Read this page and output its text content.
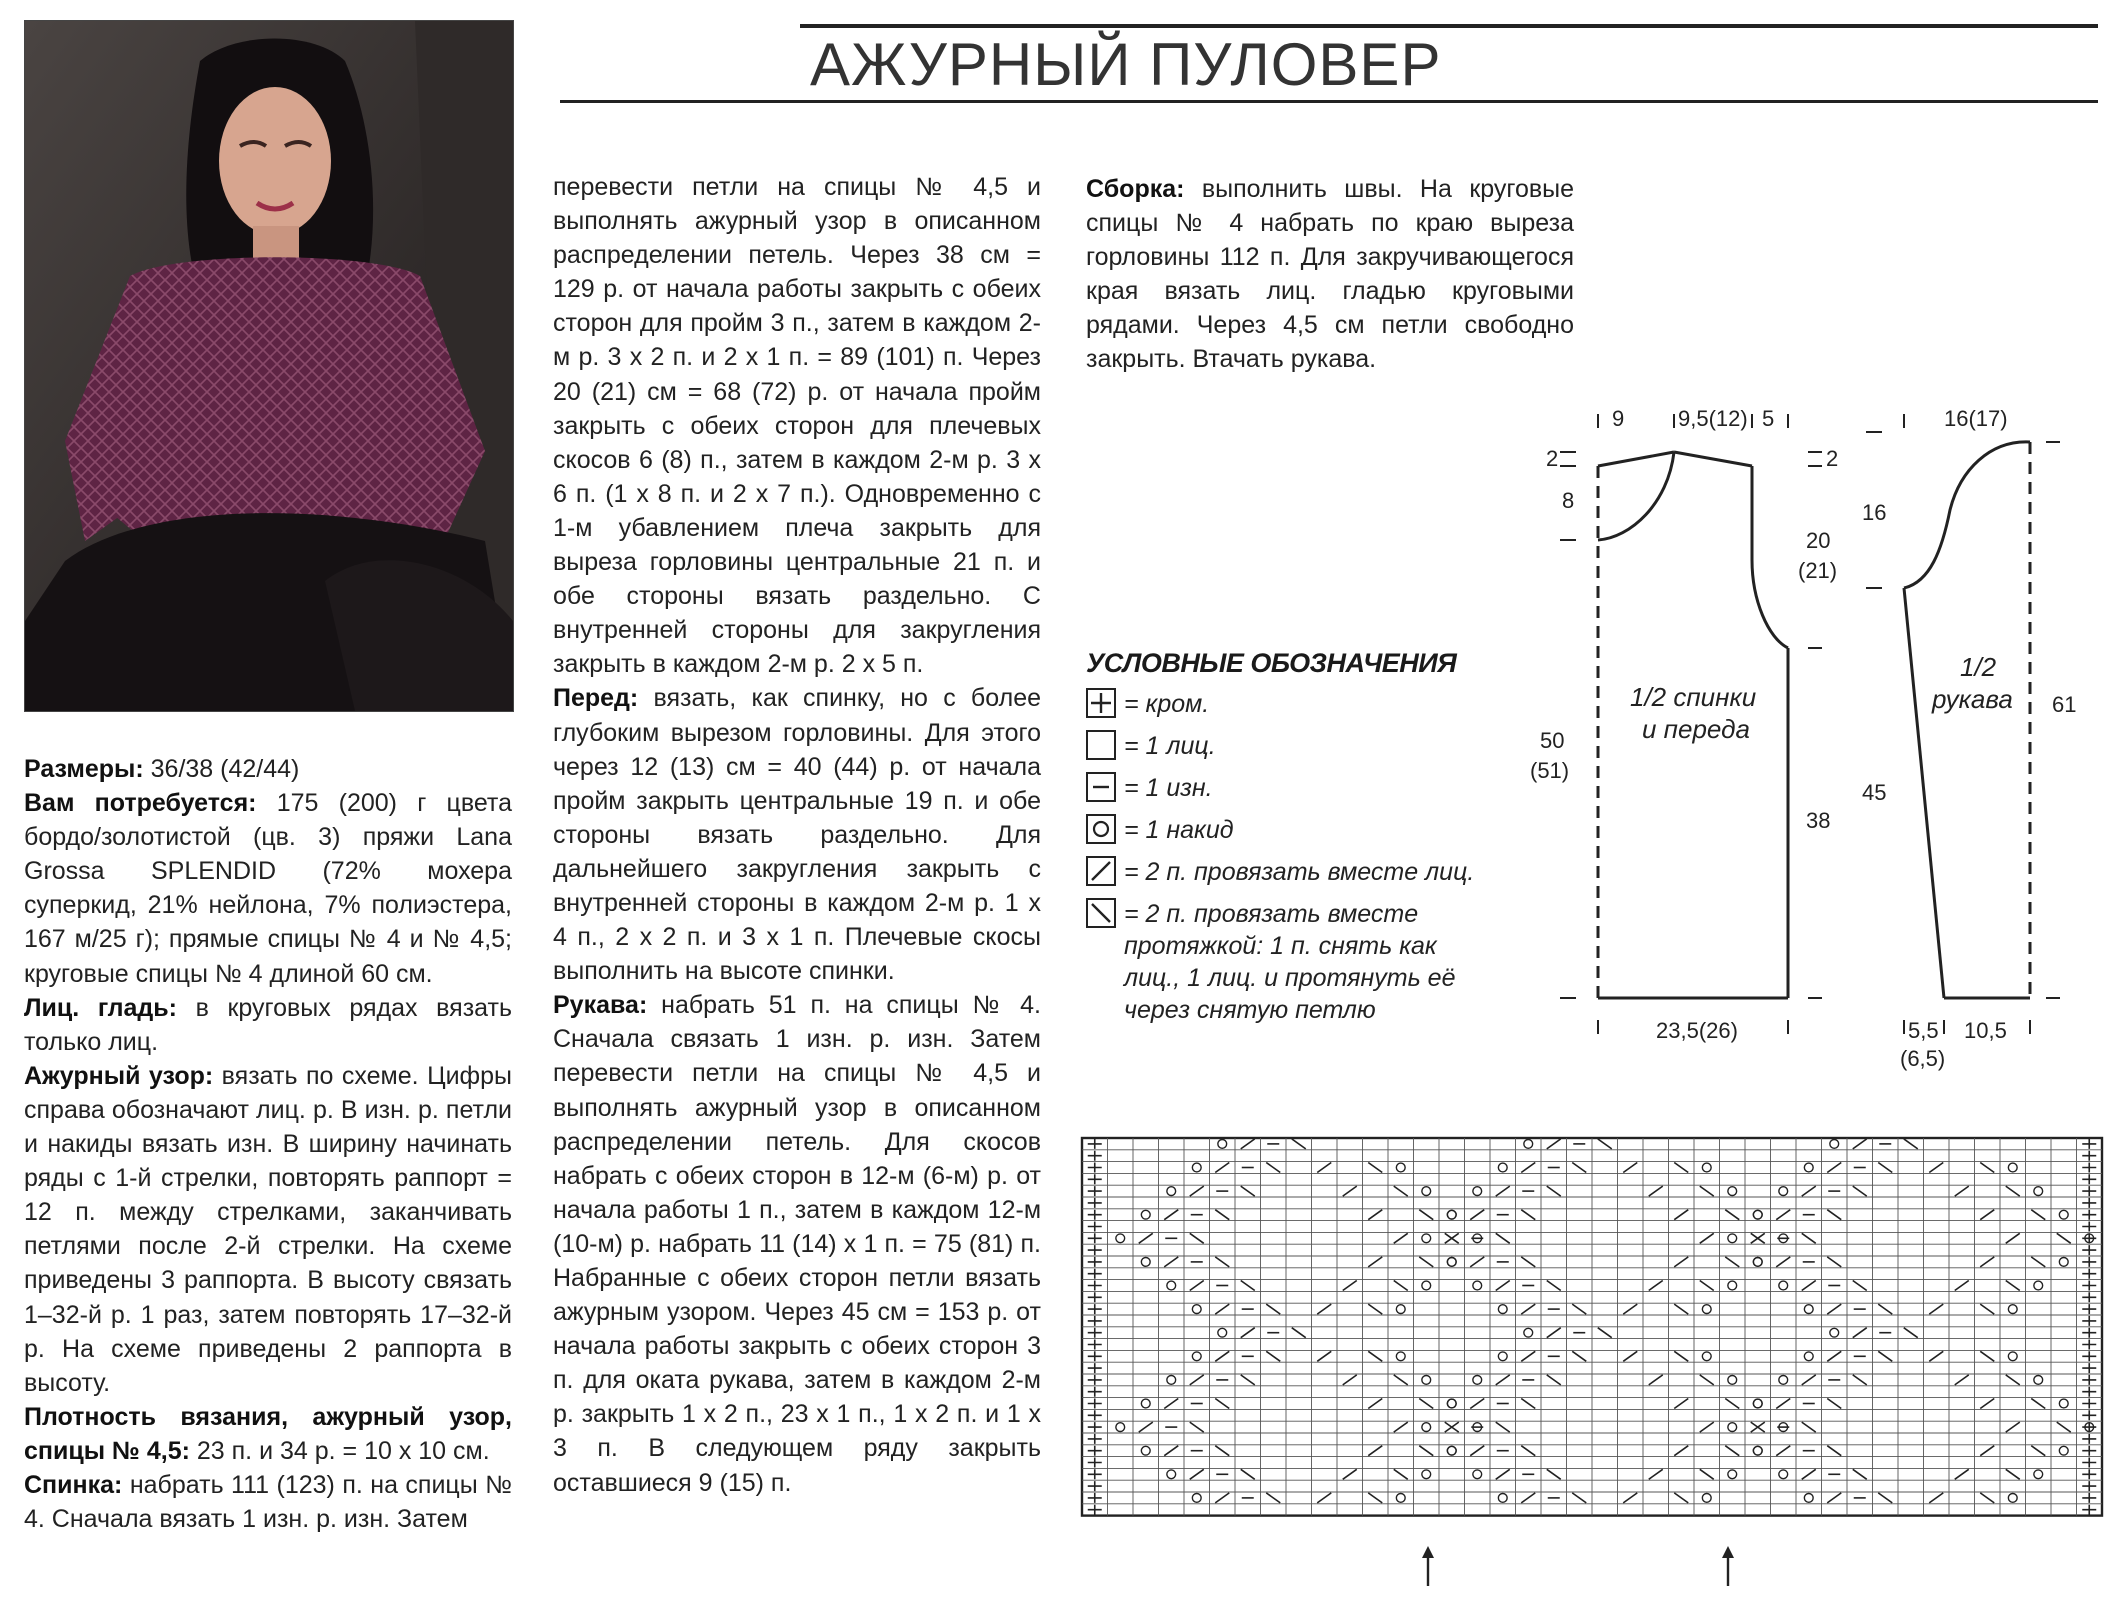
АЖУРНЫЙ ПУЛОВЕР

Размеры: 36/38 (42/44)

Вам потребуется: 175 (200) г цвета бордо/золотистой (цв. 3) пряжи Lana Grossa SPLENDID (72% мохера суперкид, 21% нейлона, 7% полиэстера, 167 м/25 г); прямые спицы № 4 и № 4,5; круговые спицы № 4 длиной 60 см.

Лиц. гладь: в круговых рядах вязать только лиц.

Ажурный узор: вязать по схеме. Цифры справа обозначают лиц. р. В изн. р. петли и накиды вязать изн. В ширину начинать ряды с 1-й стрелки, повторять раппорт = 12 п. между стрелками, заканчивать петлями после 2-й стрелки. На схеме приведены 3 раппорта. В высоту связать 1–32-й р. 1 раз, затем повторять 17–32-й р. На схеме приведены 2 раппорта в высоту.

Плотность вязания, ажурный узор, спицы № 4,5: 23 п. и 34 р. = 10 х 10 см.

Спинка: набрать 111 (123) п. на спицы № 4. Сначала вязать 1 изн. р. изн. Затем

перевести петли на спицы № 4,5 и выполнять ажурный узор в описанном распределении петель. Через 38 см = 129 р. от начала работы закрыть с обеих сторон для пройм 3 п., затем в каждом 2-м р. 3 х 2 п. и 2 х 1 п. = 89 (101) п. Через 20 (21) см = 68 (72) р. от начала пройм закрыть с обеих сторон для плечевых скосов 6 (8) п., затем в каждом 2-м р. 3 х 6 п. (1 х 8 п. и 2 х 7 п.). Одновременно с 1-м убавлением плеча закрыть для выреза горловины центральные 21 п. и обе стороны вязать раздельно. С внутренней стороны для закругления закрыть в каждом 2-м р. 2 х 5 п.

Перед: вязать, как спинку, но с более глубоким вырезом горловины. Для этого через 12 (13) см = 40 (44) р. от начала пройм закрыть центральные 19 п. и обе стороны вязать раздельно. Для дальнейшего закругления закрыть с внутренней стороны в каждом 2-м р. 1 х 4 п., 2 х 2 п. и 3 х 1 п. Плечевые скосы выполнить на высоте спинки.

Рукава: набрать 51 п. на спицы № 4. Сначала связать 1 изн. р. изн. Затем перевести петли на спицы № 4,5 и выполнять ажурный узор в описанном распределении петель. Для скосов набрать с обеих сторон в 12-м (6-м) р. от начала работы 1 п., затем в каждом 12-м (10-м) р. набрать 11 (14) х 1 п. = 75 (81) п. Набранные с обеих сторон петли вязать ажурным узором. Через 45 см = 153 р. от начала работы закрыть с обеих сторон 3 п. для оката рукава, затем в каждом 2-м р. закрыть 1 х 2 п., 23 х 1 п., 1 х 2 п. и 1 х 3 п. В следующем ряду закрыть оставшиеся 9 (15) п.

Сборка: выполнить швы. На круговые спицы № 4 набрать по краю выреза горловины 112 п. Для закручивающегося края вязать лиц. гладью круговыми рядами. Через 4,5 см петли свободно закрыть. Втачать рукава.

УСЛОВНЫЕ ОБОЗНАЧЕНИЯ
= кром.
= 1 лиц.
= 1 изн.
= 1 накид
= 2 п. провязать вместе лиц.
= 2 п. провязать вместе протяжкой: 1 п. снять как лиц., 1 лиц. и протянуть её через снятую петлю
9 9,5(12) 5
2
8
2
20
(21)
50
(51)
38
23,5(26)
1/2 спинки
и переда
16(17)
16
45
61
5,5
(6,5)
10,5
1/2
рукава
